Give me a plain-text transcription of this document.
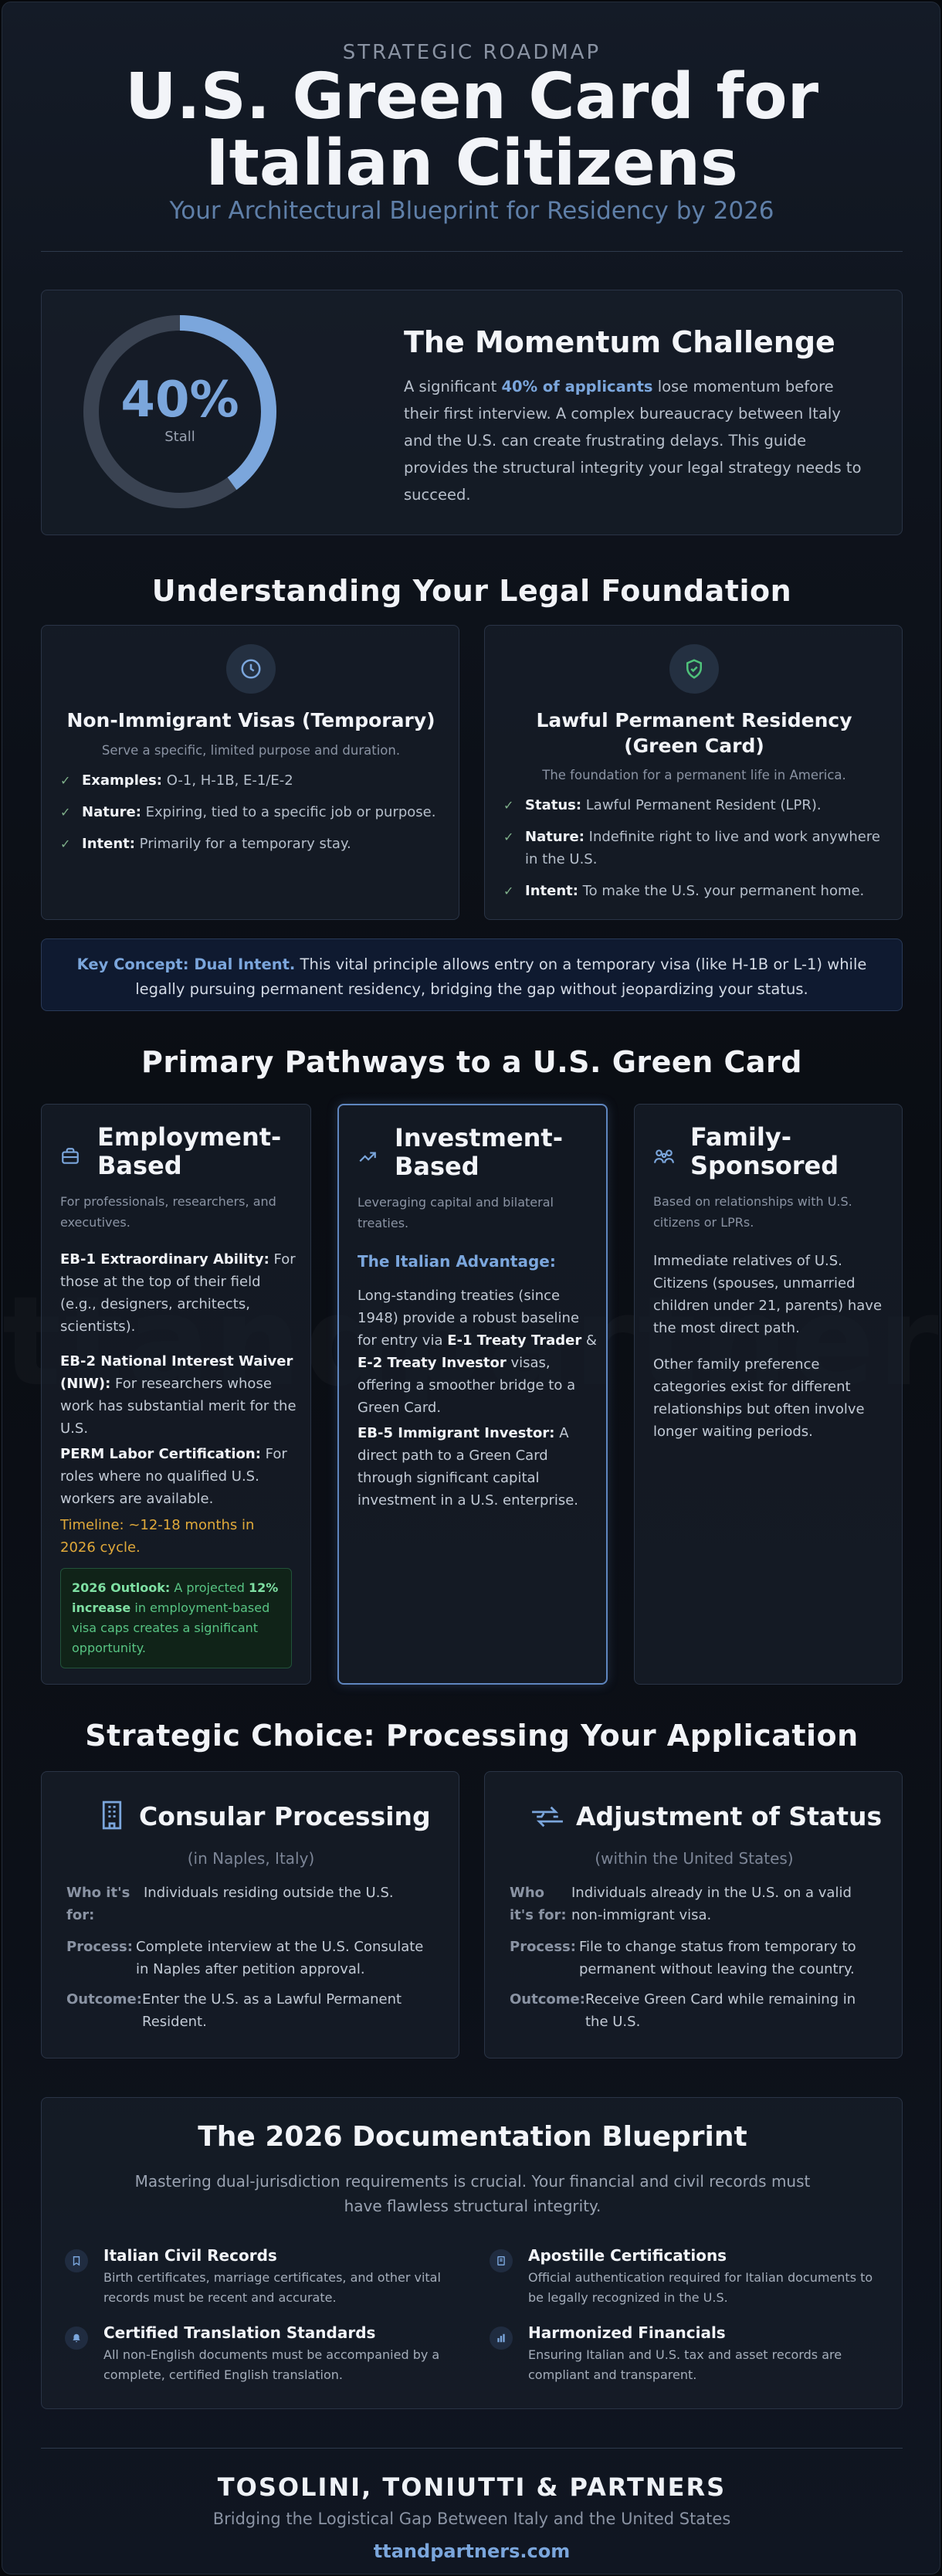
STRATEGIC ROADMAP
U.S. Green Card for Italian Citizens
Your Architectural Blueprint for Residency by 2026
40%
Stall
The Momentum Challenge
A significant 40% of applicants lose momentum before their first interview. A complex bureaucracy between Italy and the U.S. can create frustrating delays. This guide provides the structural integrity your legal strategy needs to succeed.
Understanding Your Legal Foundation
Non-Immigrant Visas (Temporary)
Serve a specific, limited purpose and duration.
✓ Examples: O-1, H-1B, E-1/E-2
✓ Nature: Expiring, tied to a specific job or purpose.
✓ Intent: Primarily for a temporary stay.
Lawful Permanent Residency (Green Card)
The foundation for a permanent life in America.
✓ Status: Lawful Permanent Resident (LPR).
✓ Nature: Indefinite right to live and work anywhere in the U.S.
✓ Intent: To make the U.S. your permanent home.
Key Concept: Dual Intent. This vital principle allows entry on a temporary visa (like H-1B or L-1) while legally pursuing permanent residency, bridging the gap without jeopardizing your status.
Primary Pathways to a U.S. Green Card
Employment-Based
For professionals, researchers, and executives.
EB-1 Extraordinary Ability: For those at the top of their field (e.g., designers, architects, scientists).
EB-2 National Interest Waiver (NIW): For researchers whose work has substantial merit for the U.S.
PERM Labor Certification: For roles where no qualified U.S. workers are available.
Timeline: ~12-18 months in 2026 cycle.
2026 Outlook: A projected 12% increase in employment-based visa caps creates a significant opportunity.
Investment-Based
Leveraging capital and bilateral treaties.
The Italian Advantage:
Long-standing treaties (since 1948) provide a robust baseline for entry via E-1 Treaty Trader & E-2 Treaty Investor visas, offering a smoother bridge to a Green Card.
EB-5 Immigrant Investor: A direct path to a Green Card through significant capital investment in a U.S. enterprise.
Family-Sponsored
Based on relationships with U.S. citizens or LPRs.
Immediate relatives of U.S. Citizens (spouses, unmarried children under 21, parents) have the most direct path.
Other family preference categories exist for different relationships but often involve longer waiting periods.
Strategic Choice: Processing Your Application
Consular Processing
(in Naples, Italy)
Who it's for:
Individuals residing outside the U.S.
Process: Complete interview at the U.S. Consulate in Naples after petition approval.
Outcome: Enter the U.S. as a Lawful Permanent Resident.
Adjustment of Status
(within the United States)
Who it's for:
Individuals already in the U.S. on a valid non-immigrant visa.
Process: File to change status from temporary to permanent without leaving the country.
Outcome: Receive Green Card while remaining in the U.S.
The 2026 Documentation Blueprint
Mastering dual-jurisdiction requirements is crucial. Your financial and civil records must have flawless structural integrity.
Italian Civil Records
Birth certificates, marriage certificates, and other vital records must be recent and accurate.
Apostille Certifications
Official authentication required for Italian documents to be legally recognized in the U.S.
Certified Translation Standards
All non-English documents must be accompanied by a complete, certified English translation.
Harmonized Financials
Ensuring Italian and U.S. tax and asset records are compliant and transparent.
TOSOLINI, TONIUTTI & PARTNERS
Bridging the Logistical Gap Between Italy and the United States
ttandpartners.com
